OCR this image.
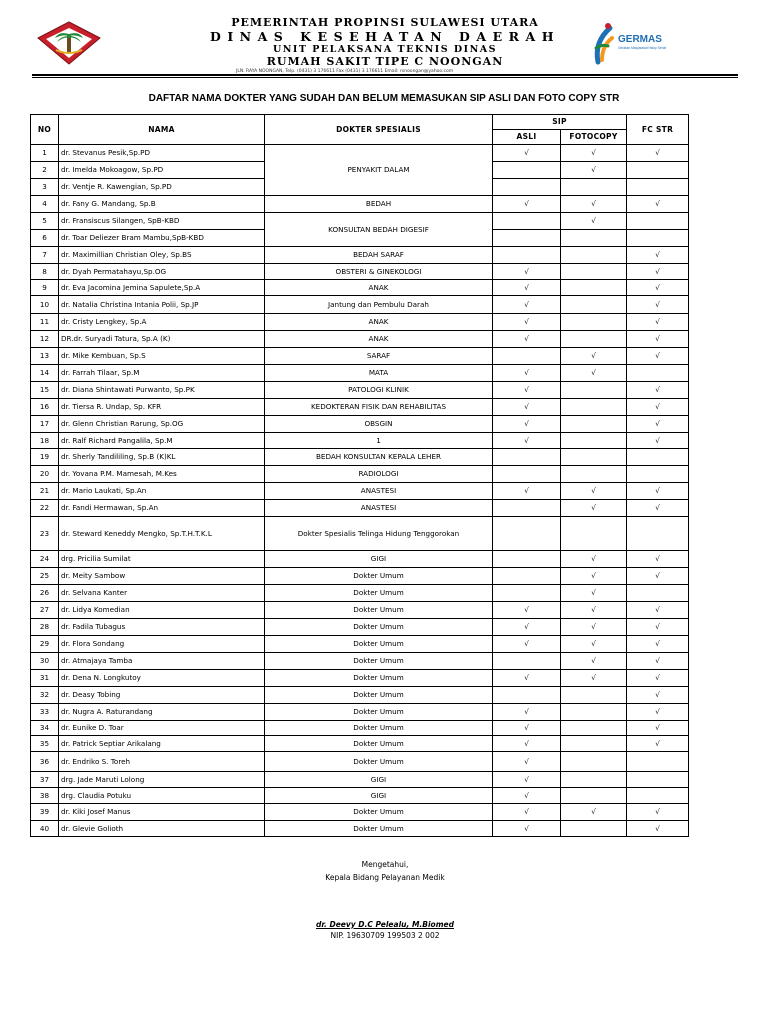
PEMERINTAH PROPINSI SULAWESI UTARA
DINAS KESEHATAN DAERAH
UNIT PELAKSANA TEKNIS DINAS
RUMAH SAKIT TIPE C NOONGAN
JLN. RAYA NOONGAN, Telp. (0431) 3 176611 Fax (0431) 3 176611 Email: rsnoongan@yahoo.com
GERMAS
Gerakan Masyarakat Hidup Sehat
DAFTAR NAMA DOKTER YANG SUDAH DAN BELUM MEMASUKAN SIP ASLI DAN FOTO COPY STR
NO	NAMA	DOKTER SPESIALIS	SIP		FC STR
			ASLI	FOTOCOPY	
1	dr. Stevanus Pesik,Sp.PD	PENYAKIT DALAM	√	√	√
2	dr. Imelda Mokoagow, Sp.PD			√	
3	dr. Ventje R. Kawengian, Sp.PD				
4	dr. Fany G. Mandang, Sp.B	BEDAH	√	√	√
5	dr. Fransiscus Silangen, SpB-KBD	KONSULTAN BEDAH DIGESIF		√	
6	dr. Toar Deliezer Bram Mambu,SpB-KBD				
7	dr. Maximillian Christian Oley, Sp.BS	BEDAH SARAF			√
8	dr. Dyah Permatahayu,Sp.OG	OBSTERI & GINEKOLOGI	√		√
9	dr. Eva Jacomina Jemina Sapulete,Sp.A	ANAK	√		√
10	dr. Natalia Christina Intania Polii, Sp.JP	Jantung dan Pembulu Darah	√		√
11	dr. Cristy Lengkey, Sp.A	ANAK	√		√
12	DR.dr. Suryadi Tatura, Sp.A (K)	ANAK	√		√
13	dr. Mike Kembuan, Sp.S	SARAF		√	√
14	dr. Farrah Tilaar, Sp.M	MATA	√	√	
15	dr. Diana Shintawati Purwanto, Sp.PK	PATOLOGI KLINIK	√		√
16	dr. Tiersa R. Undap, Sp. KFR	KEDOKTERAN FISIK DAN REHABILITAS	√		√
17	dr. Glenn Christian Rarung, Sp.OG	OBSGIN	√		√
18	dr. Ralf Richard Pangalila, Sp.M	1	√		√
19	dr. Sherly Tandililing, Sp.B (K)KL	BEDAH KONSULTAN KEPALA LEHER			
20	dr. Yovana P.M. Mamesah, M.Kes	RADIOLOGI			
21	dr. Mario Laukati, Sp.An	ANASTESI	√	√	√
22	dr. Fandi Hermawan, Sp.An	ANASTESI		√	√
23	dr. Steward Keneddy Mengko, Sp.T.H.T.K.L	Dokter Spesialis Telinga Hidung Tenggorokan			
24	drg. Pricilia Sumilat	GIGI		√	√
25	dr. Meity Sambow	Dokter Umum		√	√
26	dr. Selvana Kanter	Dokter Umum		√	
27	dr. Lidya Komedian	Dokter Umum	√	√	√
28	dr. Fadila Tubagus	Dokter Umum	√	√	√
29	dr. Flora Sondang	Dokter Umum	√	√	√
30	dr. Atmajaya Tamba	Dokter Umum		√	√
31	dr. Dena N. Longkutoy	Dokter Umum	√	√	√
32	dr. Deasy Tobing	Dokter Umum			√
33	dr. Nugra A. Raturandang	Dokter Umum	√		√
34	dr. Eunike D. Toar	Dokter Umum	√		√
35	dr. Patrick Septiar Arikalang	Dokter Umum	√		√
36	dr. Endriko S. Toreh	Dokter Umum	√		
37	drg. Jade Maruti Lolong	GIGI	√		
38	drg. Claudia Potuku	GIGI	√		
39	dr. Kiki Josef Manus	Dokter Umum	√	√	√
40	dr. Glevie Golioth	Dokter Umum	√		√
Mengetahui,
Kepala Bidang Pelayanan Medik
dr. Deevy D.C Pelealu, M.Biomed
NIP. 19630709 199503 2 002
